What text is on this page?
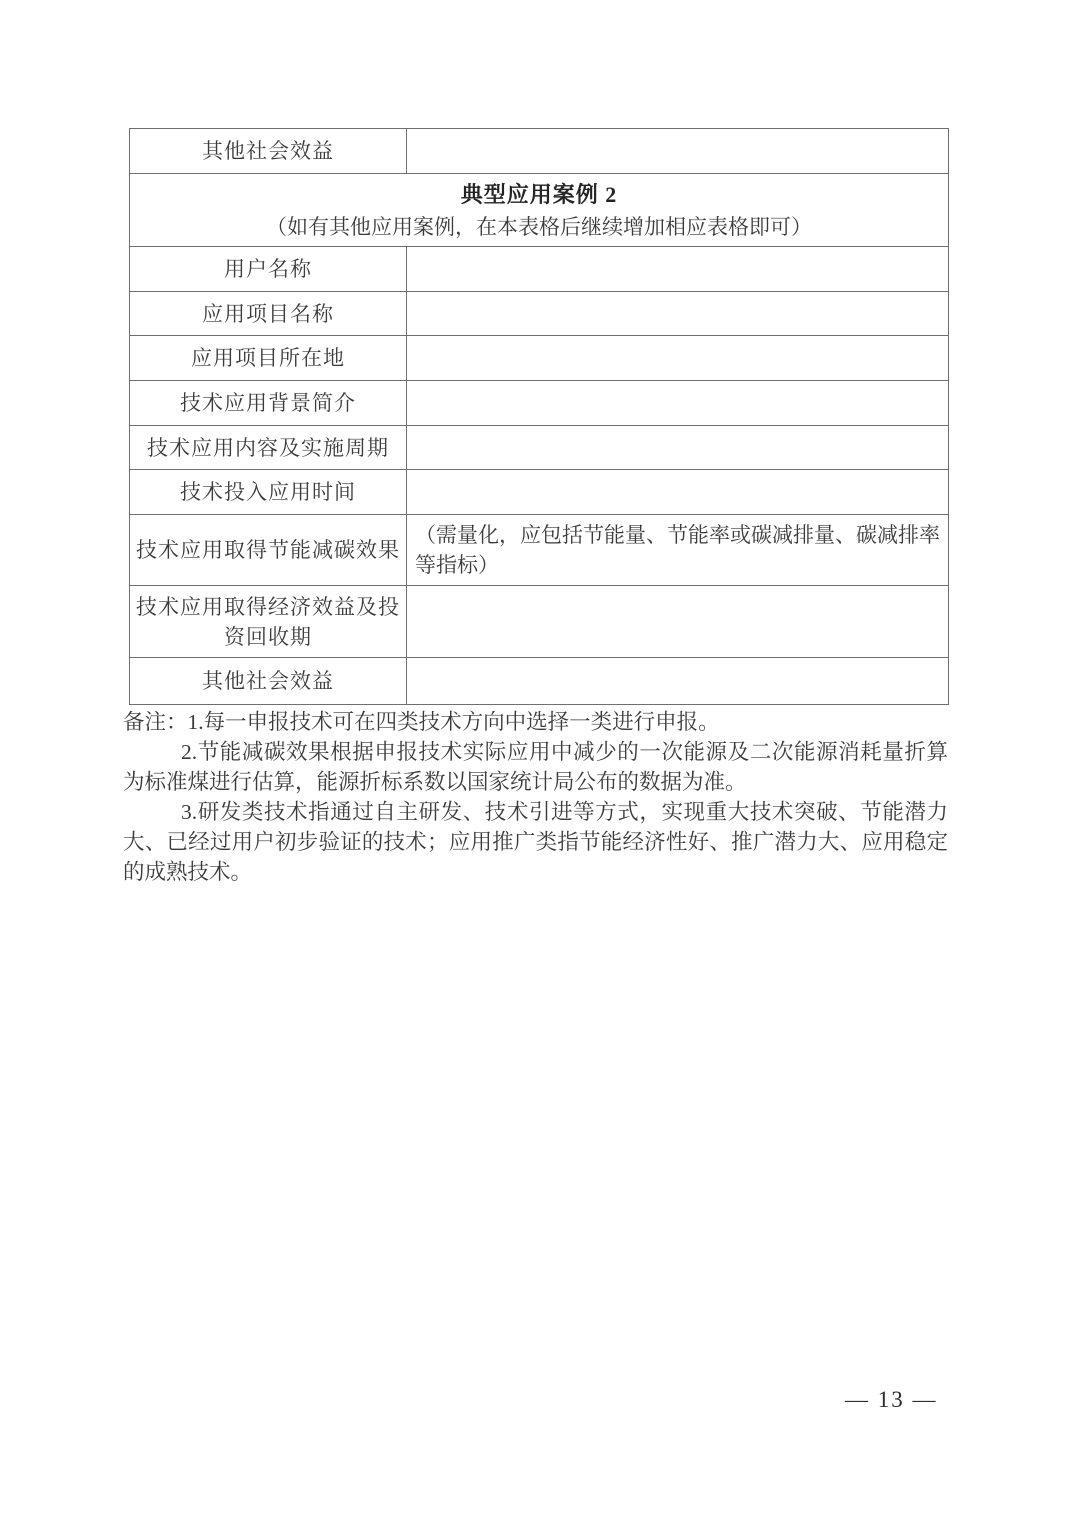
其他社会效益	

典型应用案例 2
（如有其他应用案例，在本表格后继续增加相应表格即可）	

用户名称	
应用项目名称	
应用项目所在地	
技术应用背景简介	
技术应用内容及实施周期	
技术投入应用时间	
技术应用取得节能减碳效果	（需量化，应包括节能量、节能率或碳减排量、碳减排率等指标）
技术应用取得经济效益及投资回收期	
其他社会效益	

备注：1.每一申报技术可在四类技术方向中选择一类进行申报。

2.节能减碳效果根据申报技术实际应用中减少的一次能源及二次能源消耗量折算为标准煤进行估算，能源折标系数以国家统计局公布的数据为准。

3.研发类技术指通过自主研发、技术引进等方式，实现重大技术突破、节能潜力大、已经过用户初步验证的技术；应用推广类指节能经济性好、推广潜力大、应用稳定的成熟技术。

— 13 —
